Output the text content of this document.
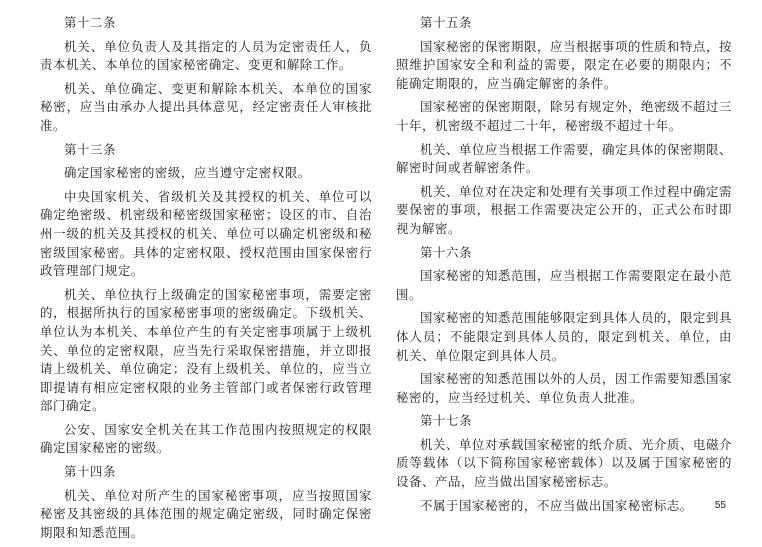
第十二条
机关、单位负责人及其指定的人员为定密责任人，负责本机关、本单位的国家秘密确定、变更和解除工作。
机关、单位确定、变更和解除本机关、本单位的国家秘密，应当由承办人提出具体意见，经定密责任人审核批准。
第十三条
确定国家秘密的密级，应当遵守定密权限。
中央国家机关、省级机关及其授权的机关、单位可以确定绝密级、机密级和秘密级国家秘密；设区的市、自治州一级的机关及其授权的机关、单位可以确定机密级和秘密级国家秘密。具体的定密权限、授权范围由国家保密行政管理部门规定。
机关、单位执行上级确定的国家秘密事项，需要定密的，根据所执行的国家秘密事项的密级确定。下级机关、单位认为本机关、本单位产生的有关定密事项属于上级机关、单位的定密权限，应当先行采取保密措施，并立即报请上级机关、单位确定；没有上级机关、单位的，应当立即提请有相应定密权限的业务主管部门或者保密行政管理部门确定。
公安、国家安全机关在其工作范围内按照规定的权限确定国家秘密的密级。
第十四条
机关、单位对所产生的国家秘密事项，应当按照国家秘密及其密级的具体范围的规定确定密级，同时确定保密期限和知悉范围。
第十五条
国家秘密的保密期限，应当根据事项的性质和特点，按照维护国家安全和利益的需要，限定在必要的期限内；不能确定期限的，应当确定解密的条件。
国家秘密的保密期限，除另有规定外，绝密级不超过三十年，机密级不超过二十年，秘密级不超过十年。
机关、单位应当根据工作需要，确定具体的保密期限、解密时间或者解密条件。
机关、单位对在决定和处理有关事项工作过程中确定需要保密的事项，根据工作需要决定公开的，正式公布时即视为解密。
第十六条
国家秘密的知悉范围，应当根据工作需要限定在最小范围。
国家秘密的知悉范围能够限定到具体人员的，限定到具体人员；不能限定到具体人员的，限定到机关、单位，由机关、单位限定到具体人员。
国家秘密的知悉范围以外的人员，因工作需要知悉国家秘密的，应当经过机关、单位负责人批准。
第十七条
机关、单位对承载国家秘密的纸介质、光介质、电磁介质等载体（以下简称国家秘密载体）以及属于国家秘密的设备、产品，应当做出国家秘密标志。
不属于国家秘密的，不应当做出国家秘密标志。	55
